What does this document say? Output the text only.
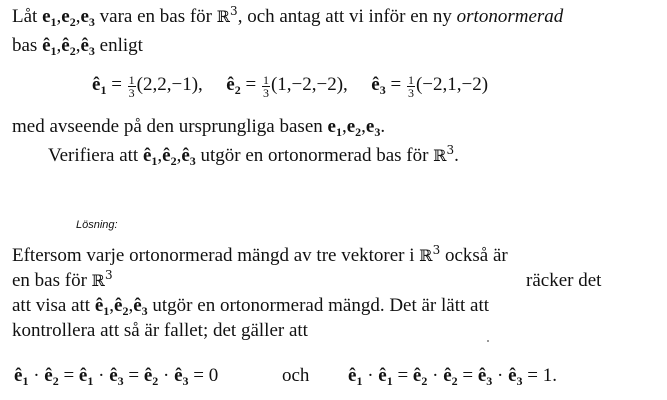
Låt $e_1,e_2,e_3$ vara en bas för ℝ$^3$, och antag att vi inför en ny ortonormerad
bas $ê_1,ê_2,ê_3$ enligt
$ê_1 = \frac{1}{3} (2,2,-1)$, $ê_2 = \frac{1}{3} (1,-2,-2)$, $ê_3 = \frac{1}{3} (-2,1,-2)$
med avseende på den ursprungliga basen $e_1,e_2,e_3$.
Verifiera att $ê_1,ê_2,ê_3$ utgör en ortonormerad bas för ℝ$^3$.
Lösning:
Eftersom varje ortonormerad mängd av tre vektorer i ℝ$^3$ också är
en bas för ℝ$^3$	räcker det
att visa att $ê_1,ê_2,ê_3$ utgör en ortonormerad mängd. Det är lätt att
kontrollera att så är fallet; det gäller att
$ê_1$ · $ê_2$ = $ê_1$ · $ê_3$ = $ê_2$ · $ê_3 = 0$	och $ê_1$ · $ê_1$ = $ê_2$ · $ê_2$ = $ê_3$ · $ê_3 = 1$.
